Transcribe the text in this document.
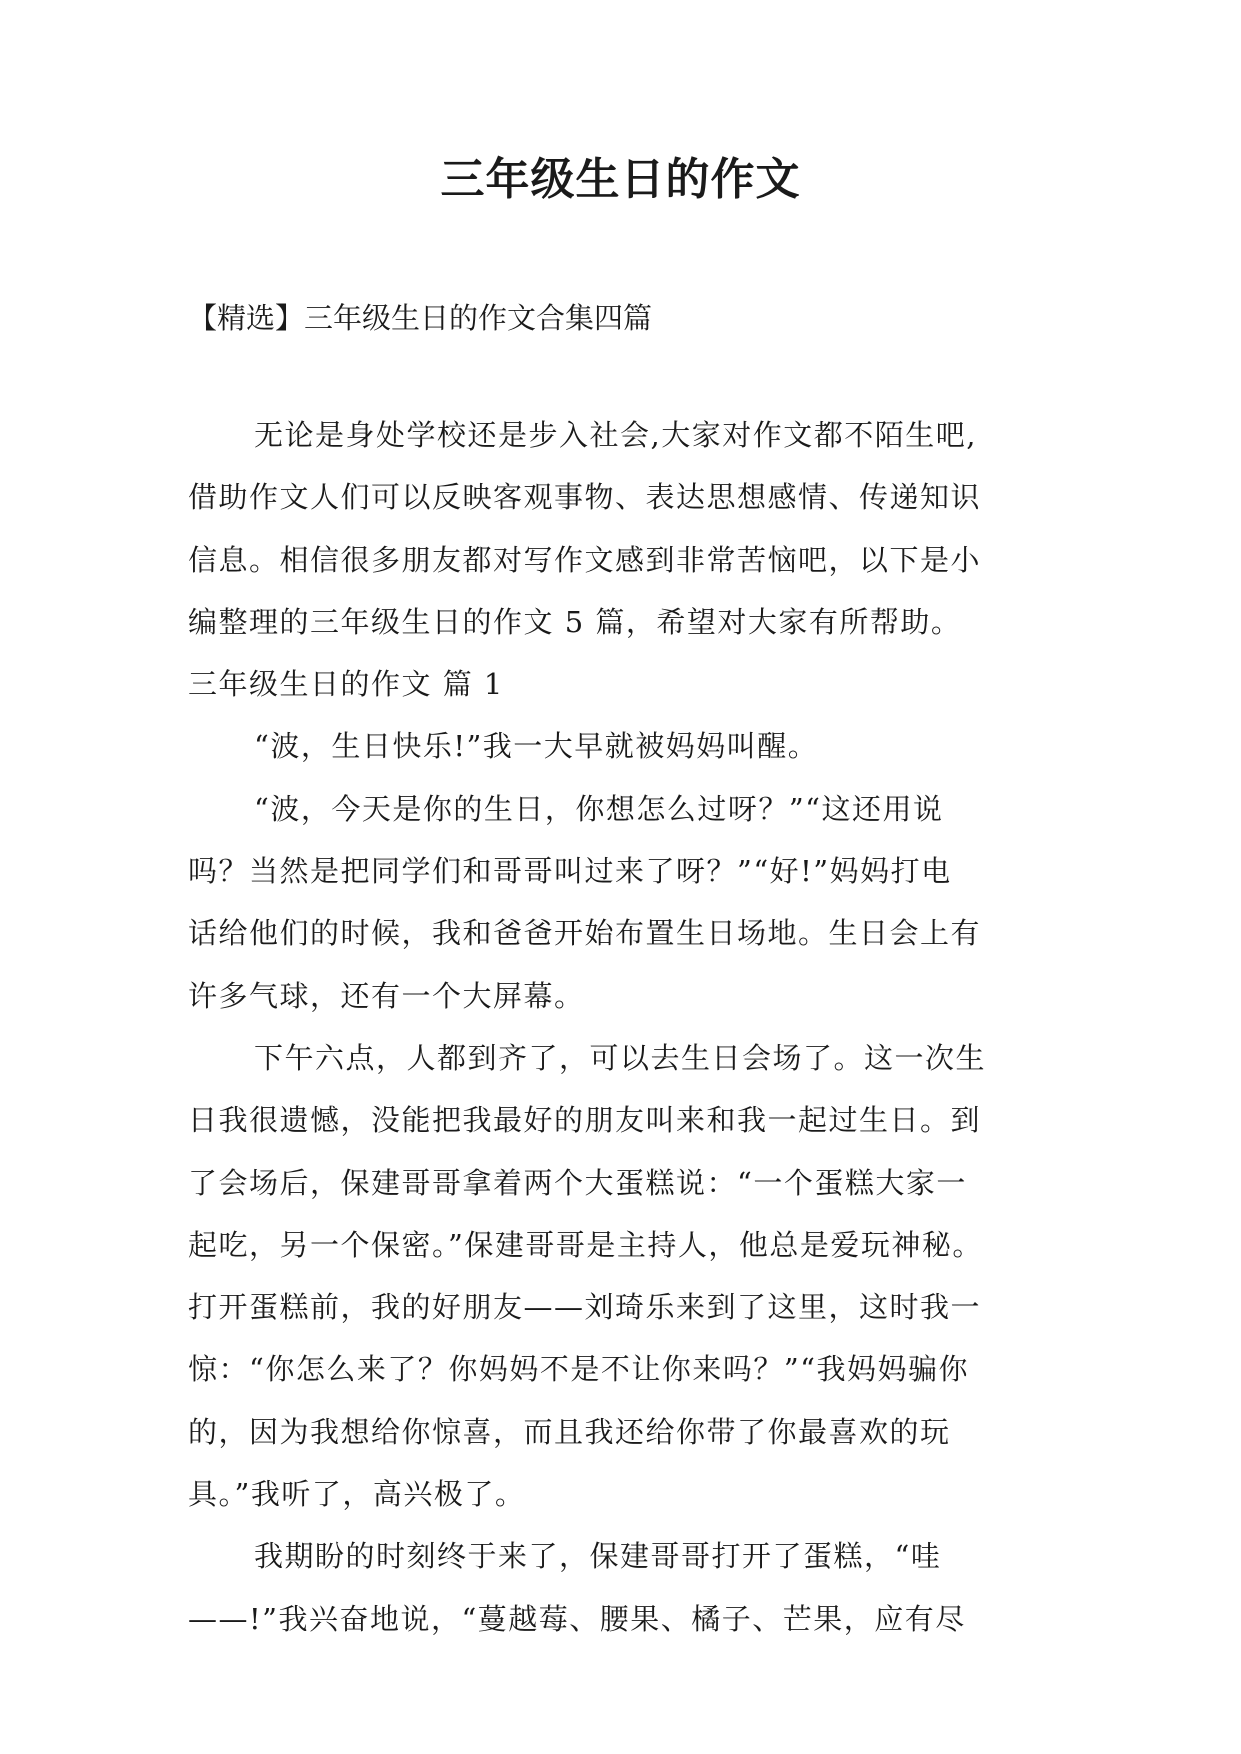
三年级生日的作文

【精选】三年级生日的作文合集四篇

无论是身处学校还是步入社会,大家对作文都不陌生吧,

借助作文人们可以反映客观事物、表达思想感情、传递知识

信息。相信很多朋友都对写作文感到非常苦恼吧，以下是小

编整理的三年级生日的作文 5 篇，希望对大家有所帮助。

三年级生日的作文 篇 1

“波，生日快乐!”我一大早就被妈妈叫醒。

“波，今天是你的生日，你想怎么过呀？”“这还用说

吗？当然是把同学们和哥哥叫过来了呀？”“好!”妈妈打电

话给他们的时候，我和爸爸开始布置生日场地。生日会上有

许多气球，还有一个大屏幕。

下午六点，人都到齐了，可以去生日会场了。这一次生

日我很遗憾，没能把我最好的朋友叫来和我一起过生日。到

了会场后，保建哥哥拿着两个大蛋糕说：“一个蛋糕大家一

起吃，另一个保密。”保建哥哥是主持人，他总是爱玩神秘。

打开蛋糕前，我的好朋友——刘琦乐来到了这里，这时我一

惊：“你怎么来了？你妈妈不是不让你来吗？”“我妈妈骗你

的，因为我想给你惊喜，而且我还给你带了你最喜欢的玩

具。”我听了，高兴极了。

我期盼的时刻终于来了，保建哥哥打开了蛋糕，“哇

——!”我兴奋地说，“蔓越莓、腰果、橘子、芒果，应有尽
